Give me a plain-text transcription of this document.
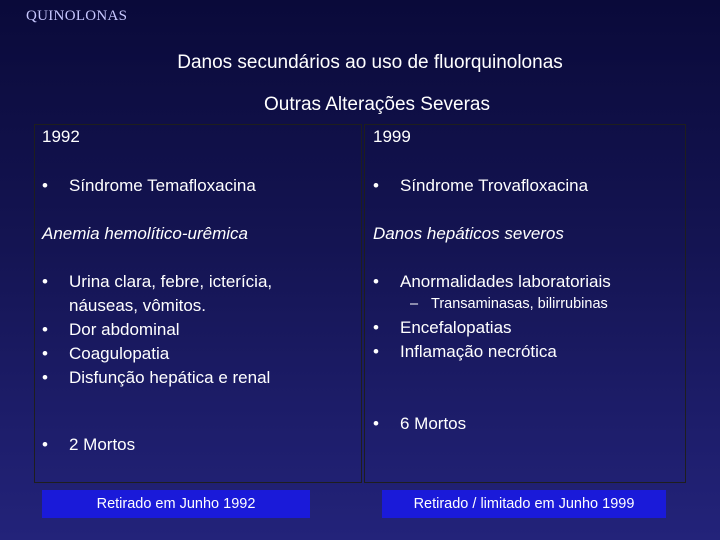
QUINOLONAS
Danos secundários ao uso de fluorquinolonas
Outras Alterações Severas
1992
• Síndrome Temafloxacina
Anemia hemolítico-urêmica
• Urina clara, febre, icterícia,
náuseas, vômitos.
• Dor abdominal
• Coagulopatia
• Disfunção hepática e renal
• 2 Mortos
Retirado em Junho 1992
1999
• Síndrome Trovafloxacina
Danos hepáticos severos
• Anormalidades laboratoriais
– Transaminasas, bilirrubinas
• Encefalopatias
• Inflamação necrótica
• 6 Mortos
Retirado / limitado em Junho 1999
